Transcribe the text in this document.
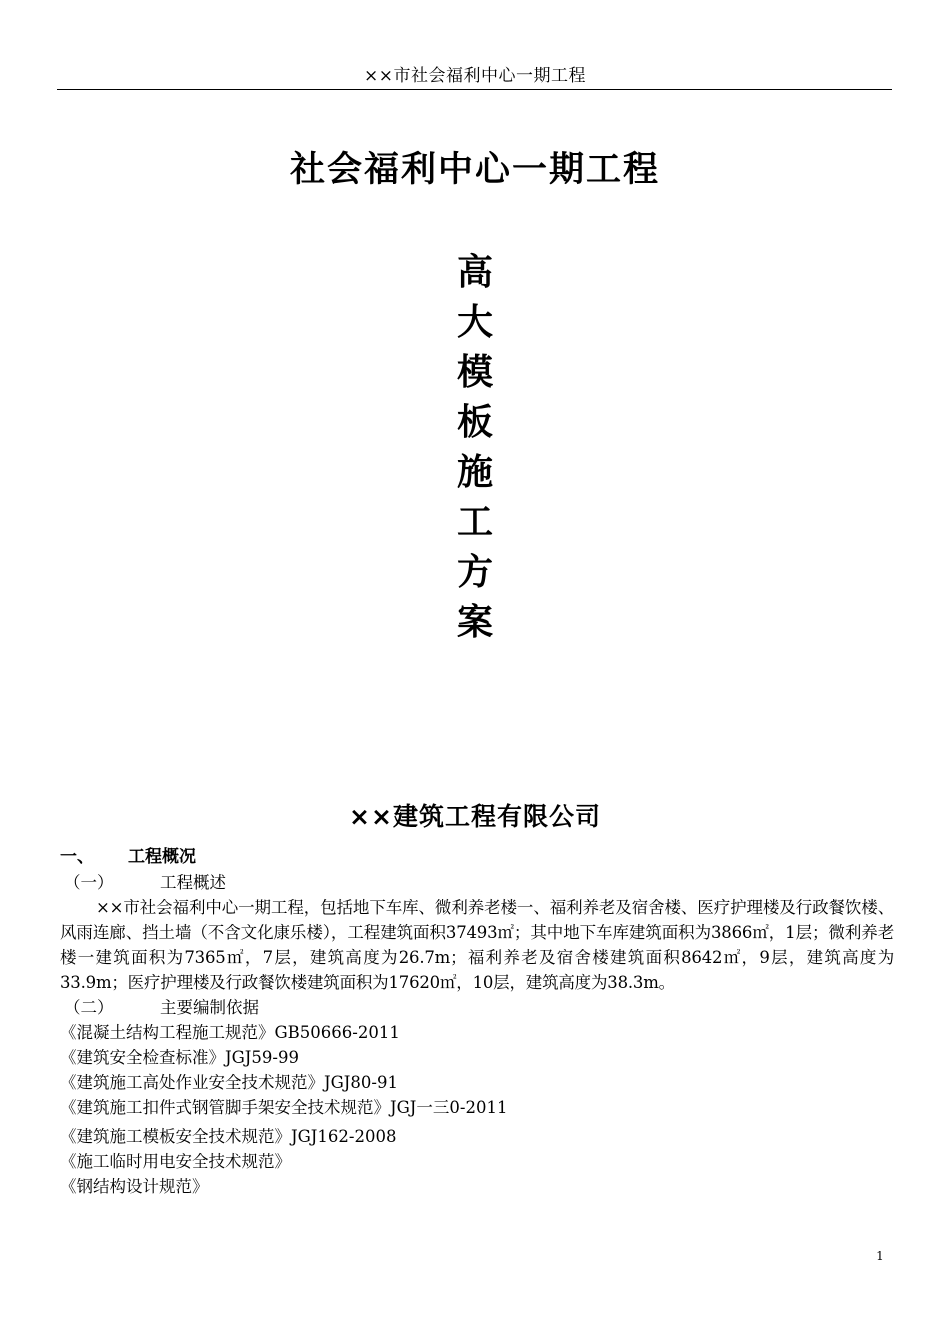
××市社会福利中心一期工程
社会福利中心一期工程
高
大
模
板
施
工
方
案
××建筑工程有限公司
一、 工程概况
（一）	工程概述

××市社会福利中心一期工程，包括地下车库、微利养老楼一、福利养老及宿舍楼、医疗护理楼及行政餐饮楼、风雨连廊、挡土墙（不含文化康乐楼），工程建筑面积37493㎡；其中地下车库建筑面积为3866㎡，1层；微利养老楼一建筑面积为7365㎡，7层，建筑高度为26.7m；福利养老及宿舍楼建筑面积8642㎡，9层，建筑高度为33.9m；医疗护理楼及行政餐饮楼建筑面积为17620㎡，10层，建筑高度为38.3m。

（二）	主要编制依据
《混凝土结构工程施工规范》GB50666-2011
《建筑安全检查标准》JGJ59-99
《建筑施工高处作业安全技术规范》JGJ80-91
《建筑施工扣件式钢管脚手架安全技术规范》JGJ一三0-2011
《建筑施工模板安全技术规范》JGJ162-2008
《施工临时用电安全技术规范》
《钢结构设计规范》
1
